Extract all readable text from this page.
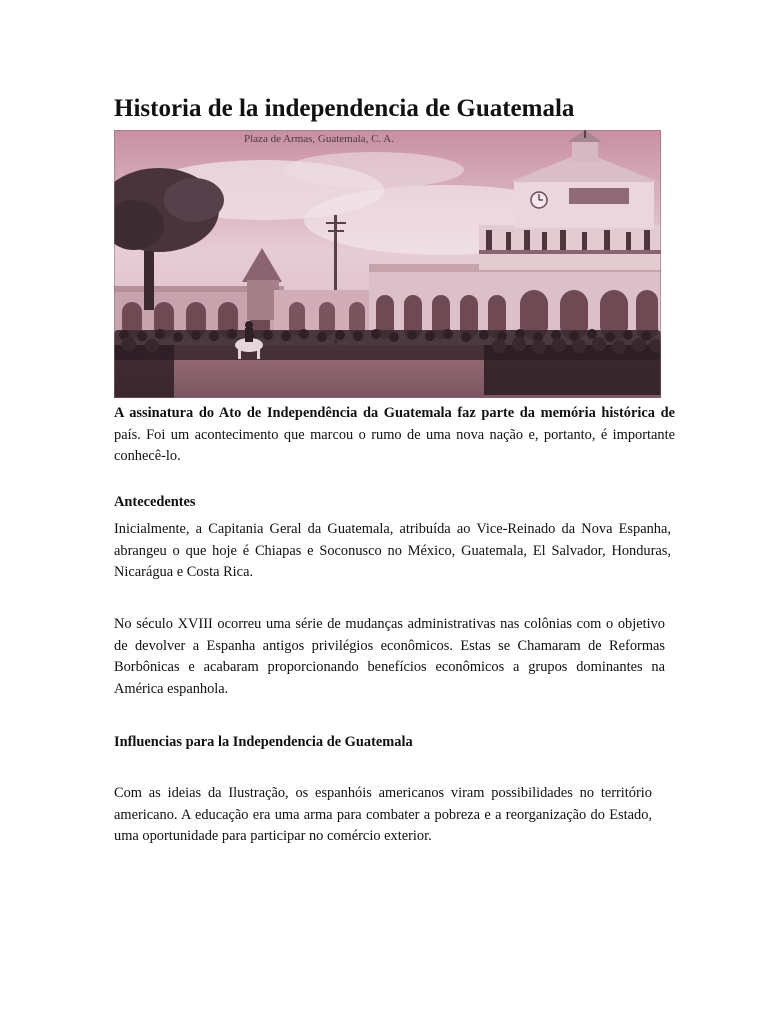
Historia de la independencia de Guatemala
Plaza de Armas, Guatemala, C. A.

A assinatura do Ato de Independência da Guatemala faz parte da memória histórica de país. Foi um acontecimento que marcou o rumo de uma nova nação e, portanto, é importante conhecê-lo.

Antecedentes

Inicialmente, a Capitania Geral da Guatemala, atribuída ao Vice-Reinado da Nova Espanha, abrangeu o que hoje é Chiapas e Soconusco no México, Guatemala, El Salvador, Honduras, Nicarágua e Costa Rica.

No século XVIII ocorreu uma série de mudanças administrativas nas colônias com o objetivo de devolver a Espanha antigos privilégios econômicos. Estas se Chamaram de Reformas Borbônicas e acabaram proporcionando benefícios econômicos a grupos dominantes na América espanhola.

Influencias para la Independencia de Guatemala

Com as ideias da Ilustração, os espanhóis americanos viram possibilidades no território americano. A educação era uma arma para combater a pobreza e a reorganização do Estado, uma oportunidade para participar no comércio exterior.
